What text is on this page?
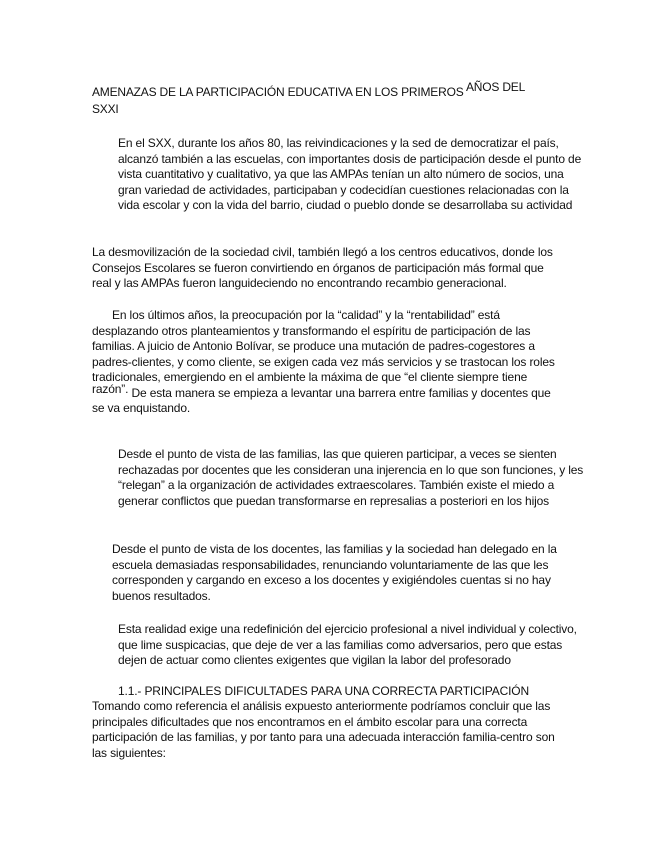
AMENAZAS DE LA PARTICIPACIÓN EDUCATIVA EN LOS PRIMEROS AÑOS DEL
SXXI

En el SXX, durante los años 80, las reivindicaciones y la sed de democratizar el país, alcanzó también a las escuelas, con importantes dosis de participación desde el punto de vista cuantitativo y cualitativo, ya que las AMPAs tenían un alto número de socios, una gran variedad de actividades, participaban y codecidían cuestiones relacionadas con la vida escolar y con la vida del barrio, ciudad o pueblo donde se desarrollaba su actividad

La desmovilización de la sociedad civil, también llegó a los centros educativos, donde los Consejos Escolares se fueron convirtiendo en órganos de participación más formal que real y las AMPAs fueron languideciendo no encontrando recambio generacional.

En los últimos años, la preocupación por la “calidad” y la “rentabilidad” está desplazando otros planteamientos y transformando el espíritu de participación de las familias. A juicio de Antonio Bolívar, se produce una mutación de padres-cogestores a padres-clientes, y como cliente, se exigen cada vez más servicios y se trastocan los roles tradicionales, emergiendo en el ambiente la máxima de que “el cliente siempre tiene
razón”. De esta manera se empieza a levantar una barrera entre familias y docentes que se va enquistando.

Desde el punto de vista de las familias, las que quieren participar, a veces se sienten rechazadas por docentes que les consideran una injerencia en lo que son funciones, y les “relegan” a la organización de actividades extraescolares. También existe el miedo a generar conflictos que puedan transformarse en represalias a posteriori en los hijos

Desde el punto de vista de los docentes, las familias y la sociedad han delegado en la escuela demasiadas responsabilidades, renunciando voluntariamente de las que les corresponden y cargando en exceso a los docentes y exigiéndoles cuentas si no hay buenos resultados.

Esta realidad exige una redefinición del ejercicio profesional a nivel individual y colectivo, que lime suspicacias, que deje de ver a las familias como adversarios, pero que estas dejen de actuar como clientes exigentes que vigilan la labor del profesorado

1.1.- PRINCIPALES DIFICULTADES PARA UNA CORRECTA PARTICIPACIÓN

Tomando como referencia el análisis expuesto anteriormente podríamos concluir que las principales dificultades que nos encontramos en el ámbito escolar para una correcta participación de las familias, y por tanto para una adecuada interacción familia-centro son las siguientes:
